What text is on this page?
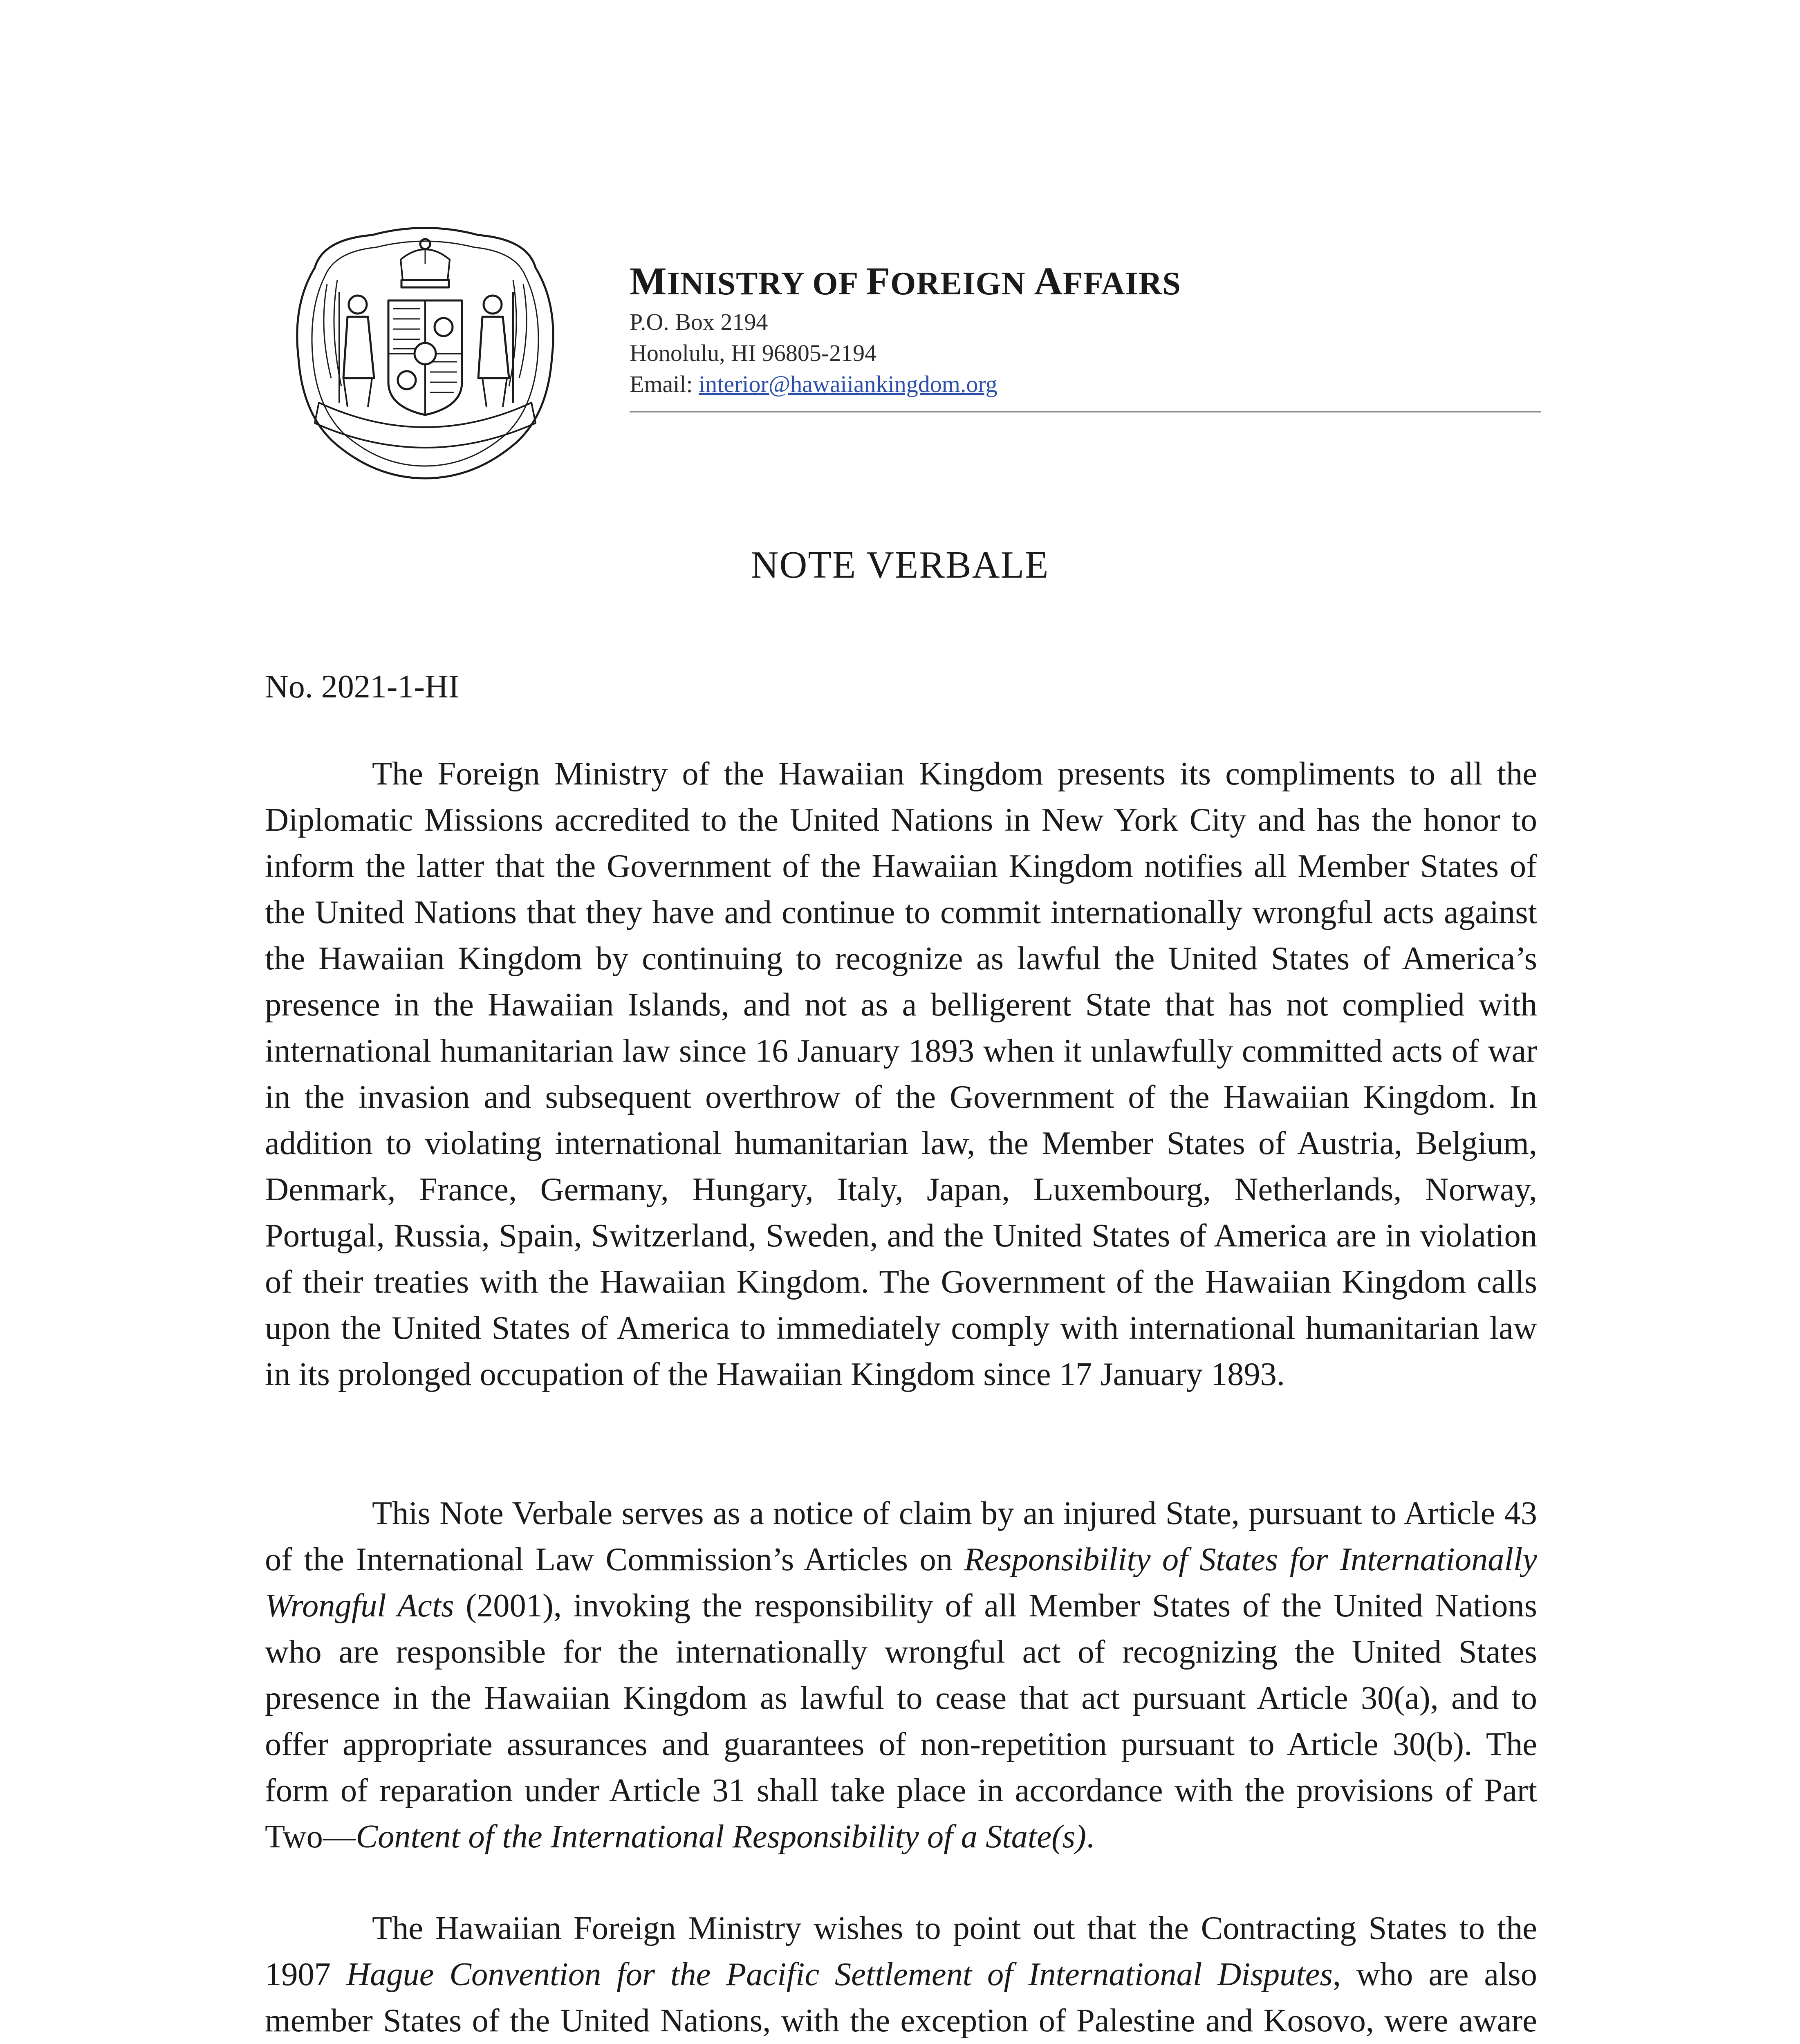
MINISTRY OF FOREIGN AFFAIRS
P.O. Box 2194
Honolulu, HI 96805-2194
Email: interior@hawaiiankingdom.org
NOTE VERBALE
No. 2021-1-HI
The Foreign Ministry of the Hawaiian Kingdom presents its compliments to all the Diplomatic Missions accredited to the United Nations in New York City and has the honor to inform the latter that the Government of the Hawaiian Kingdom notifies all Member States of the United Nations that they have and continue to commit internationally wrongful acts against the Hawaiian Kingdom by continuing to recognize as lawful the United States of America’s presence in the Hawaiian Islands, and not as a belligerent State that has not complied with international humanitarian law since 16 January 1893 when it unlawfully committed acts of war in the invasion and subsequent overthrow of the Government of the Hawaiian Kingdom. In addition to violating international humanitarian law, the Member States of Austria, Belgium, Denmark, France, Germany, Hungary, Italy, Japan, Luxembourg, Netherlands, Norway, Portugal, Russia, Spain, Switzerland, Sweden, and the United States of America are in violation of their treaties with the Hawaiian Kingdom. The Government of the Hawaiian Kingdom calls upon the United States of America to immediately comply with international humanitarian law in its prolonged occupation of the Hawaiian Kingdom since 17 January 1893.
This Note Verbale serves as a notice of claim by an injured State, pursuant to Article 43 of the International Law Commission’s Articles on Responsibility of States for Internationally Wrongful Acts (2001), invoking the responsibility of all Member States of the United Nations who are responsible for the internationally wrongful act of recognizing the United States presence in the Hawaiian Kingdom as lawful to cease that act pursuant Article 30(a), and to offer appropriate assurances and guarantees of non-repetition pursuant to Article 30(b). The form of reparation under Article 31 shall take place in accordance with the provisions of Part Two—Content of the International Responsibility of a State(s).
The Hawaiian Foreign Ministry wishes to point out that the Contracting States to the 1907 Hague Convention for the Pacific Settlement of International Disputes, who are also member States of the United Nations, with the exception of Palestine and Kosovo, were aware
